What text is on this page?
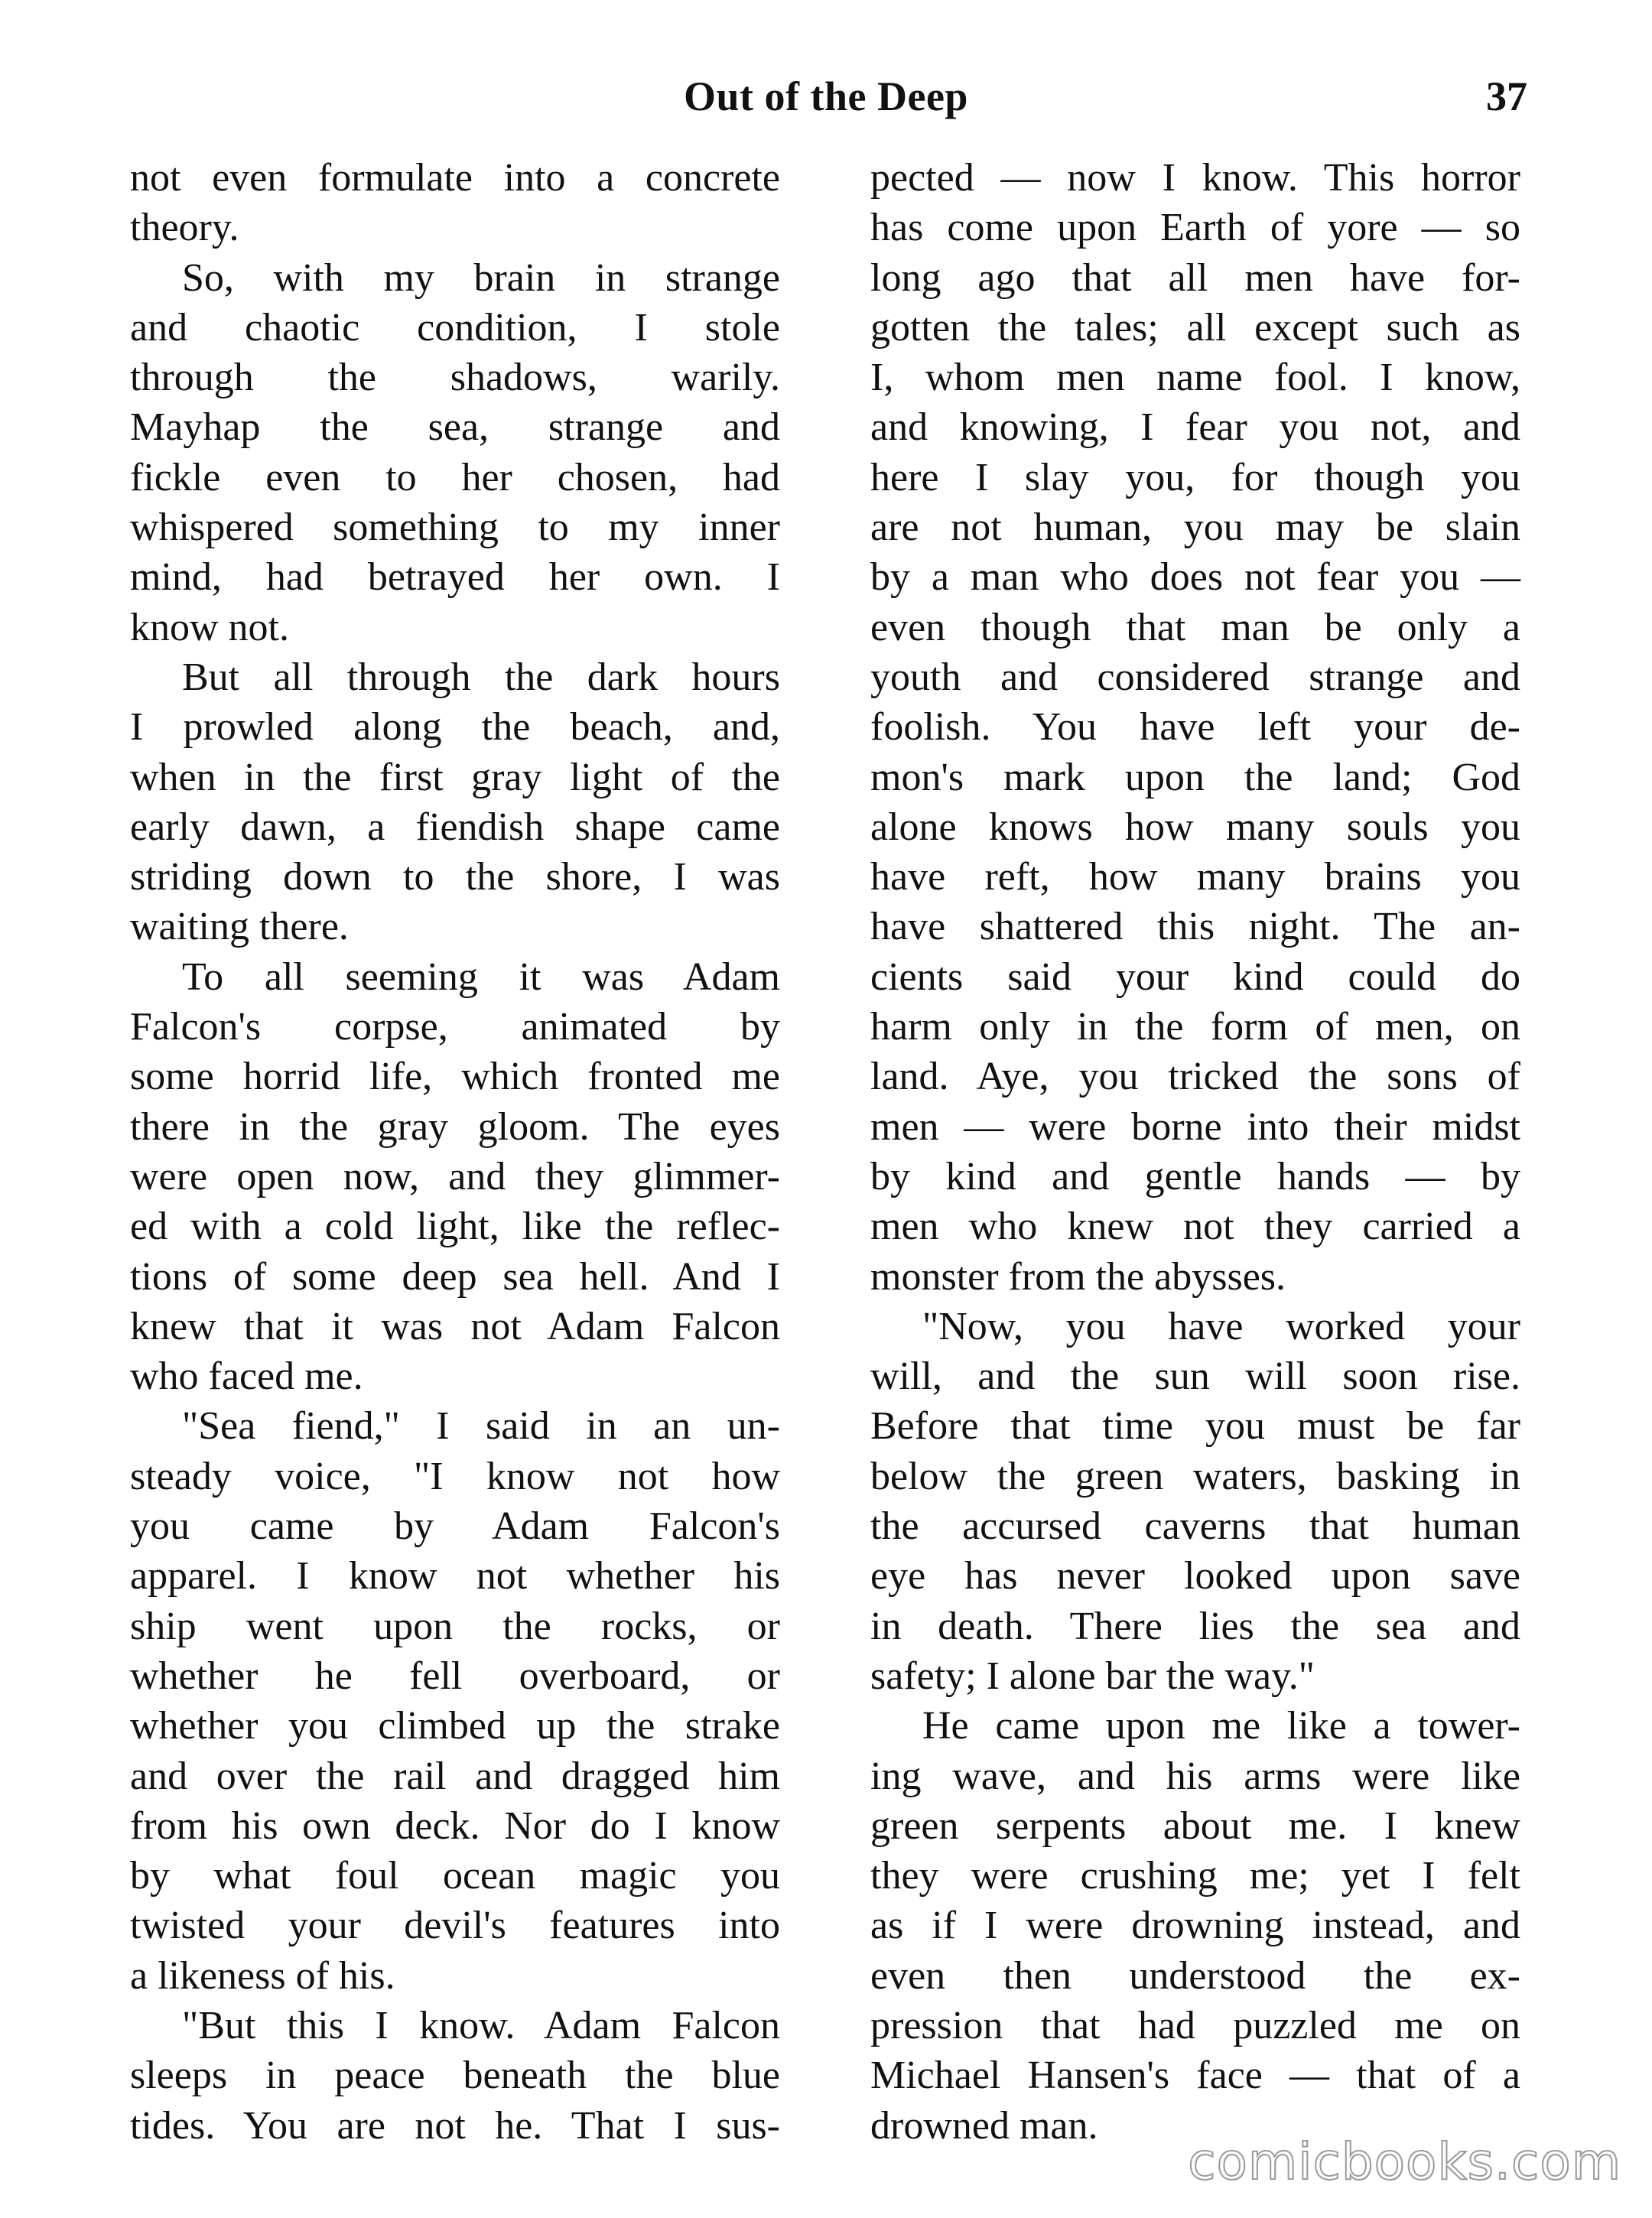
Out of the Deep	37
not even formulate into a concrete
theory.
So, with my brain in strange
and chaotic condition, I stole
through the shadows, warily.
Mayhap the sea, strange and
fickle even to her chosen, had
whispered something to my inner
mind, had betrayed her own. I
know not.
But all through the dark hours
I prowled along the beach, and,
when in the first gray light of the
early dawn, a fiendish shape came
striding down to the shore, I was
waiting there.
To all seeming it was Adam
Falcon's corpse, animated by
some horrid life, which fronted me
there in the gray gloom. The eyes
were open now, and they glimmer-
ed with a cold light, like the reflec-
tions of some deep sea hell. And I
knew that it was not Adam Falcon
who faced me.
"Sea fiend," I said in an un-
steady voice, "I know not how
you came by Adam Falcon's
apparel. I know not whether his
ship went upon the rocks, or
whether he fell overboard, or
whether you climbed up the strake
and over the rail and dragged him
from his own deck. Nor do I know
by what foul ocean magic you
twisted your devil's features into
a likeness of his.
"But this I know. Adam Falcon
sleeps in peace beneath the blue
tides. You are not he. That I sus-
pected — now I know. This horror
has come upon Earth of yore — so
long ago that all men have for-
gotten the tales; all except such as
I, whom men name fool. I know,
and knowing, I fear you not, and
here I slay you, for though you
are not human, you may be slain
by a man who does not fear you —
even though that man be only a
youth and considered strange and
foolish. You have left your de-
mon's mark upon the land; God
alone knows how many souls you
have reft, how many brains you
have shattered this night. The an-
cients said your kind could do
harm only in the form of men, on
land. Aye, you tricked the sons of
men — were borne into their midst
by kind and gentle hands — by
men who knew not they carried a
monster from the abysses.
"Now, you have worked your
will, and the sun will soon rise.
Before that time you must be far
below the green waters, basking in
the accursed caverns that human
eye has never looked upon save
in death. There lies the sea and
safety; I alone bar the way."
He came upon me like a tower-
ing wave, and his arms were like
green serpents about me. I knew
they were crushing me; yet I felt
as if I were drowning instead, and
even then understood the ex-
pression that had puzzled me on
Michael Hansen's face — that of a
drowned man.
comicbooks.com
